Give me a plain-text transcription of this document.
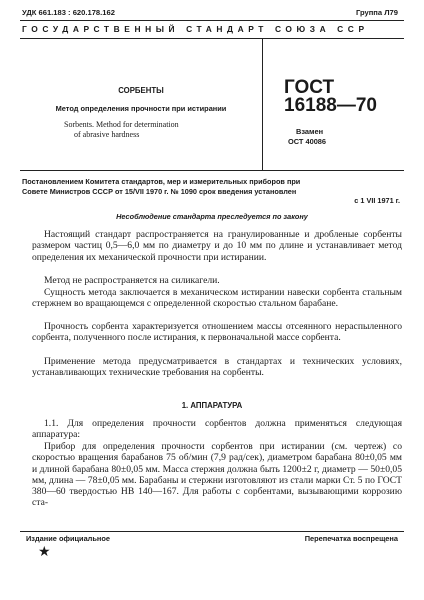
УДК 661.183 : 620.178.162	Группа Л79
ГОСУДАРСТВЕННЫЙ СТАНДАРТ СОЮЗА ССР
СОРБЕНТЫ
Метод определения прочности при истирании
Sorbents. Method for determination
of abrasive hardness
ГОСТ
16188—70
Взамен
ОСТ 40086
Постановлением Комитета стандартов, мер и измерительных приборов при
Совете Министров СССР от 15/VII 1970 г. № 1090 срок введения установлен
с 1 VII 1971 г.
Несоблюдение стандарта преследуется по закону
Настоящий стандарт распространяется на гранулированные и дробленые сорбенты размером частиц 0,5—6,0 мм по диаметру и до 10 мм по длине и устанавливает метод определения их механической прочности при истирании.
Метод не распространяется на силикагели.
Сущность метода заключается в механическом истирании навески сорбента стальным стержнем во вращающемся с определенной скоростью стальном барабане.
Прочность сорбента характеризуется отношением массы отсеянного нераспыленного сорбента, полученного после истирания, к первоначальной массе сорбента.
Применение метода предусматривается в стандартах и технических условиях, устанавливающих технические требования на сорбенты.
1. АППАРАТУРА
1.1. Для определения прочности сорбентов должна применяться следующая аппаратура:
Прибор для определения прочности сорбентов при истирании (см. чертеж) со скоростью вращения барабанов 75 об/мин (7,9 рад/сек), диаметром барабана 80±0,05 мм и длиной барабана 80±0,05 мм. Масса стержня должна быть 1200±2 г, диаметр — 50±0,05 мм, длина — 78±0,05 мм. Барабаны и стержни изготовляют из стали марки Ст. 5 по ГОСТ 380—60 твердостью НВ 140—167. Для работы с сорбентами, вызывающими коррозию ста-
Издание официальное	Перепечатка воспрещена
★
